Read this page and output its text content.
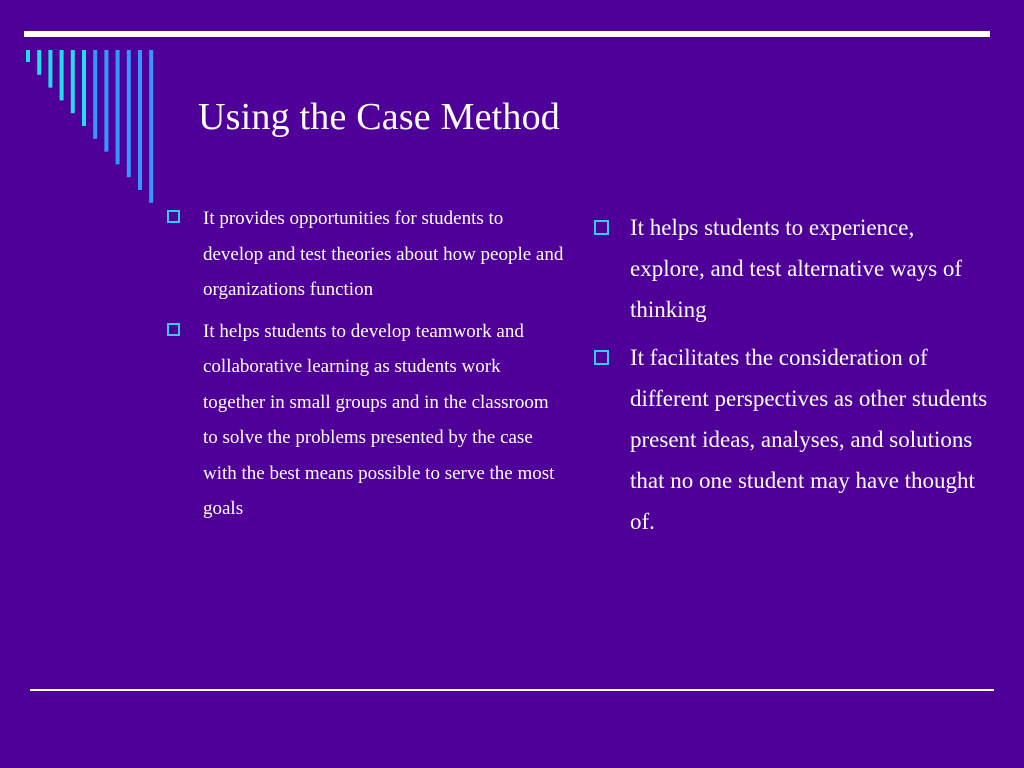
Using the Case Method
It provides opportunities for students to develop and test theories about how people and organizations function
It helps students to develop teamwork and collaborative learning as students work together in small groups and in the classroom to solve the problems presented by the case with the best means possible to serve the most goals
It helps students to experience, explore, and test alternative ways of thinking
It facilitates the consideration of different perspectives as other students present ideas, analyses, and solutions that no one student may have thought of.
